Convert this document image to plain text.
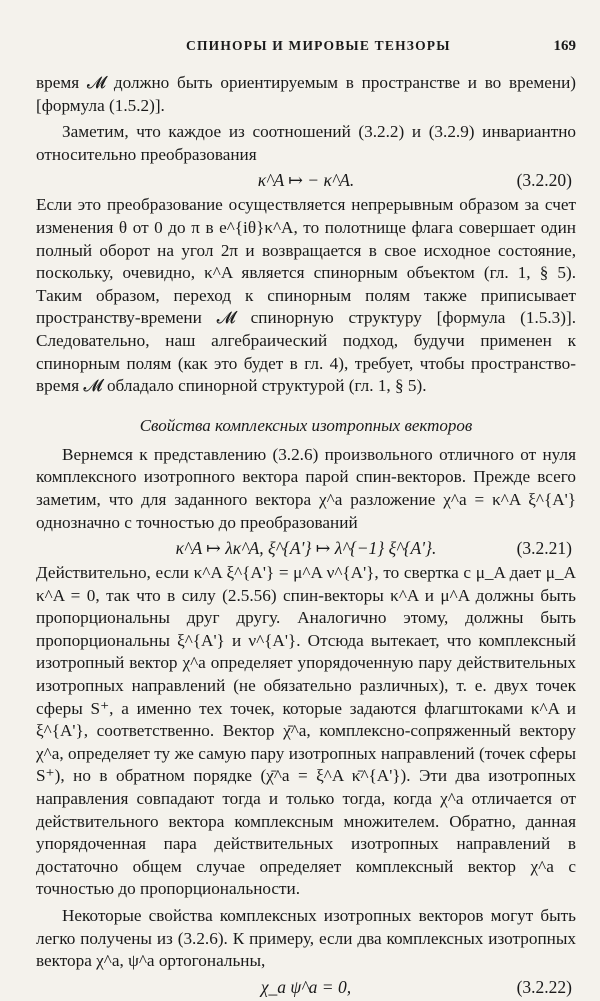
СПИНОРЫ И МИРОВЫЕ ТЕНЗОРЫ	169

время 𝓜 должно быть ориентируемым в пространстве и во времени) [формула (1.5.2)].

Заметим, что каждое из соотношений (3.2.2) и (3.2.9) инвариантно относительно преобразования

κ^A ↦ − κ^A.	(3.2.20)

Если это преобразование осуществляется непрерывным образом за счет изменения θ от 0 до π в e^{iθ}κ^A, то полотнище флага совершает один полный оборот на угол 2π и возвращается в свое исходное состояние, поскольку, очевидно, κ^A является спинорным объектом (гл. 1, § 5). Таким образом, переход к спинорным полям также приписывает пространству-времени 𝓜 спинорную структуру [формула (1.5.3)]. Следовательно, наш алгебраический подход, будучи применен к спинорным полям (как это будет в гл. 4), требует, чтобы пространство-время 𝓜 обладало спинорной структурой (гл. 1, § 5).

Свойства комплексных изотропных векторов

Вернемся к представлению (3.2.6) произвольного отличного от нуля комплексного изотропного вектора парой спин-векторов. Прежде всего заметим, что для заданного вектора χ^a разложение χ^a = κ^A ξ^{A'} однозначно с точностью до преобразований

κ^A ↦ λκ^A, ξ^{A'} ↦ λ^{−1} ξ^{A'}.	(3.2.21)

Действительно, если κ^A ξ^{A'} = μ^A ν^{A'}, то свертка с μ_A дает μ_A κ^A = 0, так что в силу (2.5.56) спин-векторы κ^A и μ^A должны быть пропорциональны друг другу. Аналогично этому, должны быть пропорциональны ξ^{A'} и ν^{A'}. Отсюда вытекает, что комплексный изотропный вектор χ^a определяет упорядоченную пару действительных изотропных направлений (не обязательно различных), т. е. двух точек сферы S⁺, а именно тех точек, которые задаются флагштоками κ^A и ξ^{A'}, соответственно. Вектор χ̄^a, комплексно-сопряженный вектору χ^a, определяет ту же самую пару изотропных направлений (точек сферы S⁺), но в обратном порядке (χ̄^a = ξ^A κ̄^{A'}). Эти два изотропных направления совпадают тогда и только тогда, когда χ^a отличается от действительного вектора комплексным множителем. Обратно, данная упорядоченная пара действительных изотропных направлений в достаточно общем случае определяет комплексный вектор χ^a с точностью до пропорциональности.

Некоторые свойства комплексных изотропных векторов могут быть легко получены из (3.2.6). К примеру, если два комплексных изотропных вектора χ^a, ψ^a ортогональны,

χ_a ψ^a = 0,	(3.2.22)
